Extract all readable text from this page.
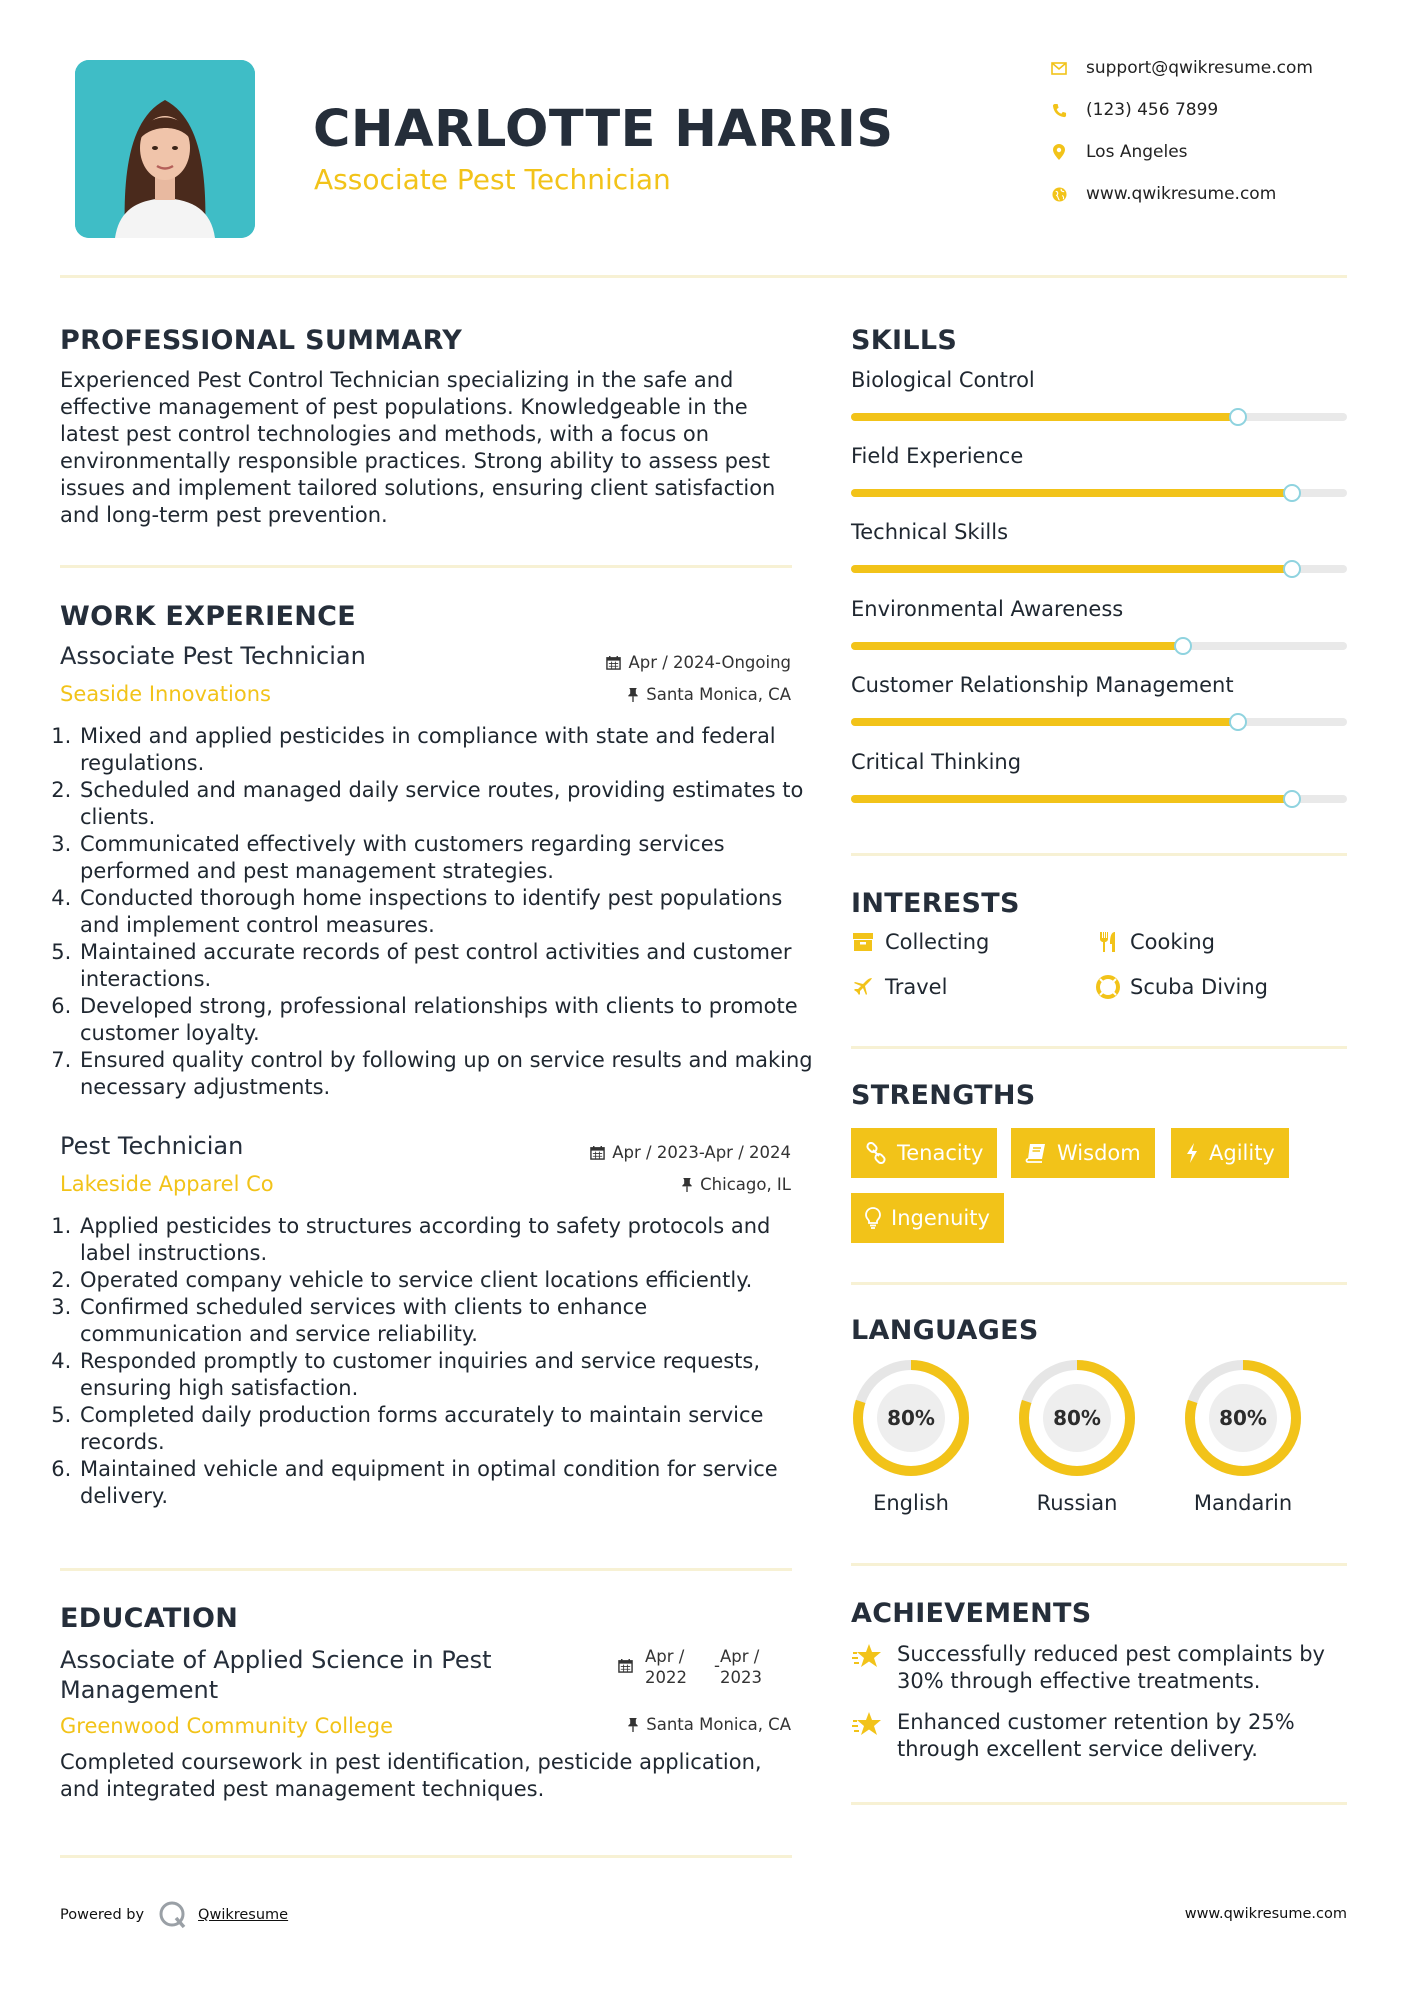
CHARLOTTE HARRIS
Associate Pest Technician
support@qwikresume.com
(123) 456 7899
Los Angeles
www.qwikresume.com
PROFESSIONAL SUMMARY
Experienced Pest Control Technician specializing in the safe and effective management of pest populations. Knowledgeable in the latest pest control technologies and methods, with a focus on environmentally responsible practices. Strong ability to assess pest issues and implement tailored solutions, ensuring client satisfaction and long-term pest prevention.
WORK EXPERIENCE
Associate Pest Technician	Apr / 2024-Ongoing
Seaside Innovations	Santa Monica, CA
1. Mixed and applied pesticides in compliance with state and federal regulations.
2. Scheduled and managed daily service routes, providing estimates to clients.
3. Communicated effectively with customers regarding services performed and pest management strategies.
4. Conducted thorough home inspections to identify pest populations and implement control measures.
5. Maintained accurate records of pest control activities and customer interactions.
6. Developed strong, professional relationships with clients to promote customer loyalty.
7. Ensured quality control by following up on service results and making necessary adjustments.
Pest Technician	Apr / 2023-Apr / 2024
Lakeside Apparel Co	Chicago, IL
1. Applied pesticides to structures according to safety protocols and label instructions.
2. Operated company vehicle to service client locations efficiently.
3. Confirmed scheduled services with clients to enhance communication and service reliability.
4. Responded promptly to customer inquiries and service requests, ensuring high satisfaction.
5. Completed daily production forms accurately to maintain service records.
6. Maintained vehicle and equipment in optimal condition for service delivery.
EDUCATION
Associate of Applied Science in Pest Management
Apr / 2022
- Apr / 2023
Greenwood Community College	Santa Monica, CA
Completed coursework in pest identification, pesticide application, and integrated pest management techniques.
SKILLS
Biological Control
Field Experience
Technical Skills
Environmental Awareness
Customer Relationship Management
Critical Thinking
INTERESTS
Collecting	Cooking
Travel	Scuba Diving
STRENGTHS
Tenacity	Wisdom	Agility
Ingenuity
LANGUAGES
80%
English
80%
Russian
80%
Mandarin
ACHIEVEMENTS
Successfully reduced pest complaints by 30% through effective treatments.
Enhanced customer retention by 25% through excellent service delivery.
Powered by	Qwikresume	www.qwikresume.com
